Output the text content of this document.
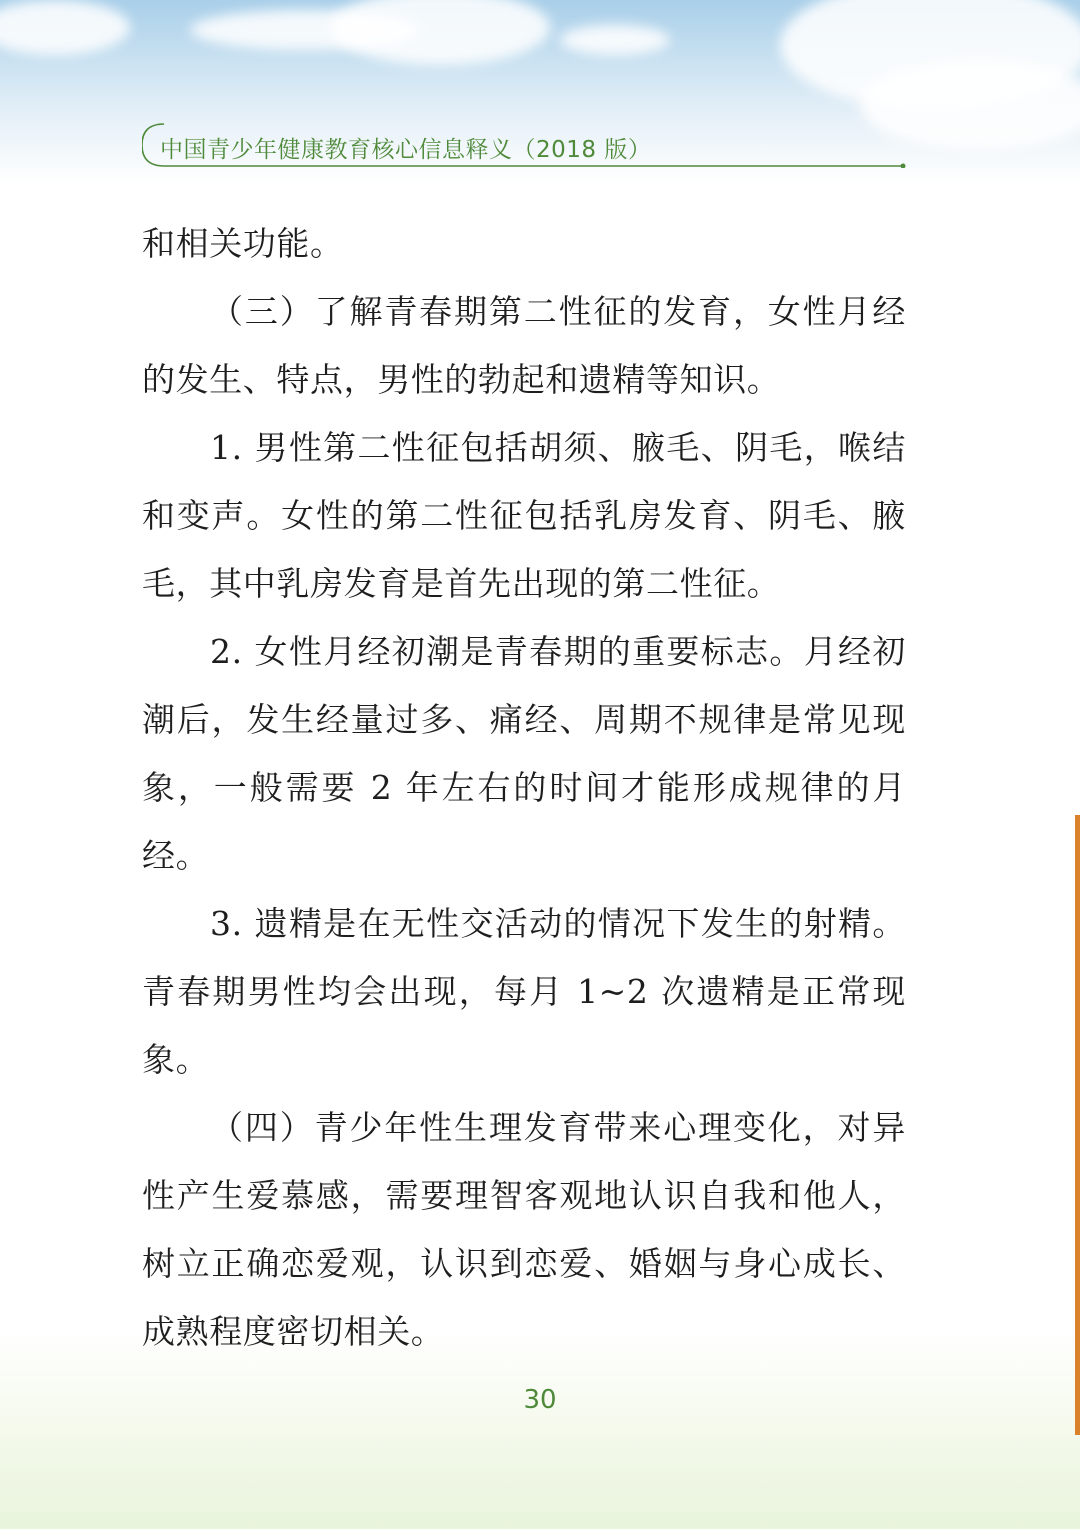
中国青少年健康教育核心信息释义（2018 版）

和相关功能。

（三）了解青春期第二性征的发育，女性月经的发生、特点，男性的勃起和遗精等知识。

1. 男性第二性征包括胡须、腋毛、阴毛，喉结和变声。女性的第二性征包括乳房发育、阴毛、腋毛，其中乳房发育是首先出现的第二性征。

2. 女性月经初潮是青春期的重要标志。月经初潮后，发生经量过多、痛经、周期不规律是常见现象，一般需要 2 年左右的时间才能形成规律的月经。

3. 遗精是在无性交活动的情况下发生的射精。青春期男性均会出现，每月 1~2 次遗精是正常现象。

（四）青少年性生理发育带来心理变化，对异性产生爱慕感，需要理智客观地认识自我和他人，树立正确恋爱观，认识到恋爱、婚姻与身心成长、成熟程度密切相关。

30
